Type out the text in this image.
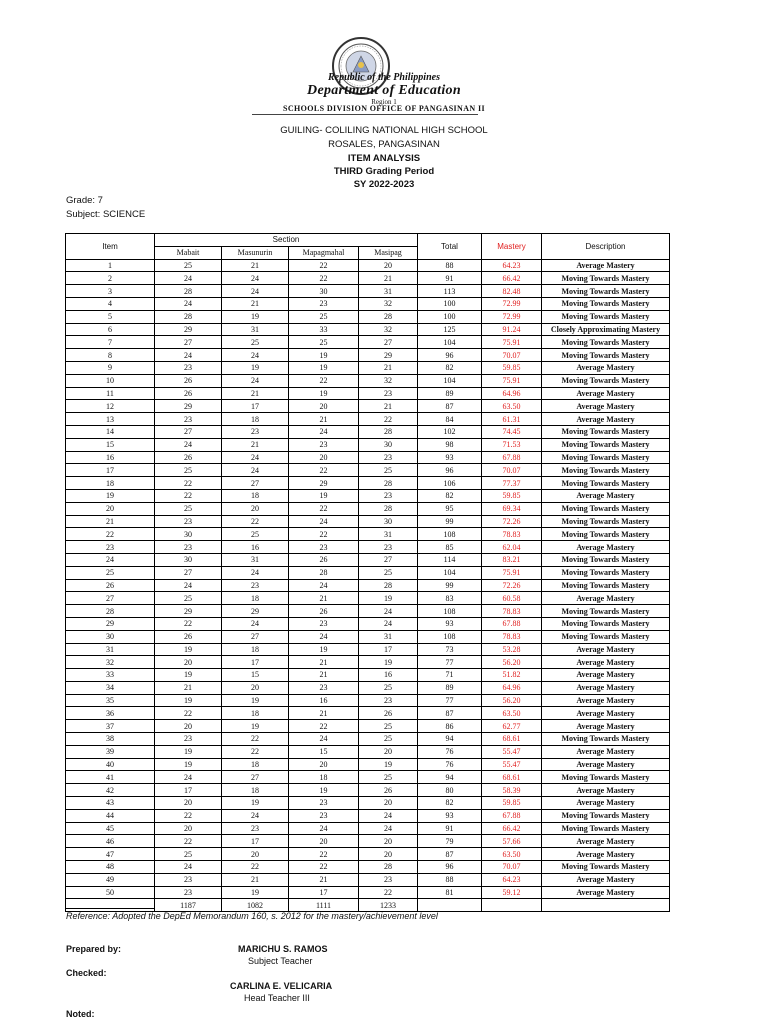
Republic of the Philippines
Department of Education
Region 1
SCHOOLS DIVISION OFFICE OF PANGASINAN II
GUILING- COLILING NATIONAL HIGH SCHOOL
ROSALES, PANGASINAN
ITEM ANALYSIS
THIRD Grading Period
SY 2022-2023
Grade: 7
Subject: SCIENCE
Item	Section				Total	Mastery	Description
	Mabait	Masunurin	Mapagmahal	Masipag			
1	25	21	22	20	88	64.23	Average Mastery
2	24	24	22	21	91	66.42	Moving Towards Mastery
3	28	24	30	31	113	82.48	Moving Towards Mastery
4	24	21	23	32	100	72.99	Moving Towards Mastery
5	28	19	25	28	100	72.99	Moving Towards Mastery
6	29	31	33	32	125	91.24	Closely Approximating Mastery
7	27	25	25	27	104	75.91	Moving Towards Mastery
8	24	24	19	29	96	70.07	Moving Towards Mastery
9	23	19	19	21	82	59.85	Average Mastery
10	26	24	22	32	104	75.91	Moving Towards Mastery
11	26	21	19	23	89	64.96	Average Mastery
12	29	17	20	21	87	63.50	Average Mastery
13	23	18	21	22	84	61.31	Average Mastery
14	27	23	24	28	102	74.45	Moving Towards Mastery
15	24	21	23	30	98	71.53	Moving Towards Mastery
16	26	24	20	23	93	67.88	Moving Towards Mastery
17	25	24	22	25	96	70.07	Moving Towards Mastery
18	22	27	29	28	106	77.37	Moving Towards Mastery
19	22	18	19	23	82	59.85	Average Mastery
20	25	20	22	28	95	69.34	Moving Towards Mastery
21	23	22	24	30	99	72.26	Moving Towards Mastery
22	30	25	22	31	108	78.83	Moving Towards Mastery
23	23	16	23	23	85	62.04	Average Mastery
24	30	31	26	27	114	83.21	Moving Towards Mastery
25	27	24	28	25	104	75.91	Moving Towards Mastery
26	24	23	24	28	99	72.26	Moving Towards Mastery
27	25	18	21	19	83	60.58	Average Mastery
28	29	29	26	24	108	78.83	Moving Towards Mastery
29	22	24	23	24	93	67.88	Moving Towards Mastery
30	26	27	24	31	108	78.83	Moving Towards Mastery
31	19	18	19	17	73	53.28	Average Mastery
32	20	17	21	19	77	56.20	Average Mastery
33	19	15	21	16	71	51.82	Average Mastery
34	21	20	23	25	89	64.96	Average Mastery
35	19	19	16	23	77	56.20	Average Mastery
36	22	18	21	26	87	63.50	Average Mastery
37	20	19	22	25	86	62.77	Average Mastery
38	23	22	24	25	94	68.61	Moving Towards Mastery
39	19	22	15	20	76	55.47	Average Mastery
40	19	18	20	19	76	55.47	Average Mastery
41	24	27	18	25	94	68.61	Moving Towards Mastery
42	17	18	19	26	80	58.39	Average Mastery
43	20	19	23	20	82	59.85	Average Mastery
44	22	24	23	24	93	67.88	Moving Towards Mastery
45	20	23	24	24	91	66.42	Moving Towards Mastery
46	22	17	20	20	79	57.66	Average Mastery
47	25	20	22	20	87	63.50	Average Mastery
48	24	22	22	28	96	70.07	Moving Towards Mastery
49	23	21	21	23	88	64.23	Average Mastery
50	23	19	17	22	81	59.12	Average Mastery
	1187	1082	1111	1233			
Reference: Adopted the DepEd Memorandum 160, s. 2012 for the mastery/achievement level
Prepared by:	MARICHU S. RAMOS
Subject Teacher
Checked:
CARLINA E. VELICARIA
Head Teacher III
Noted:
